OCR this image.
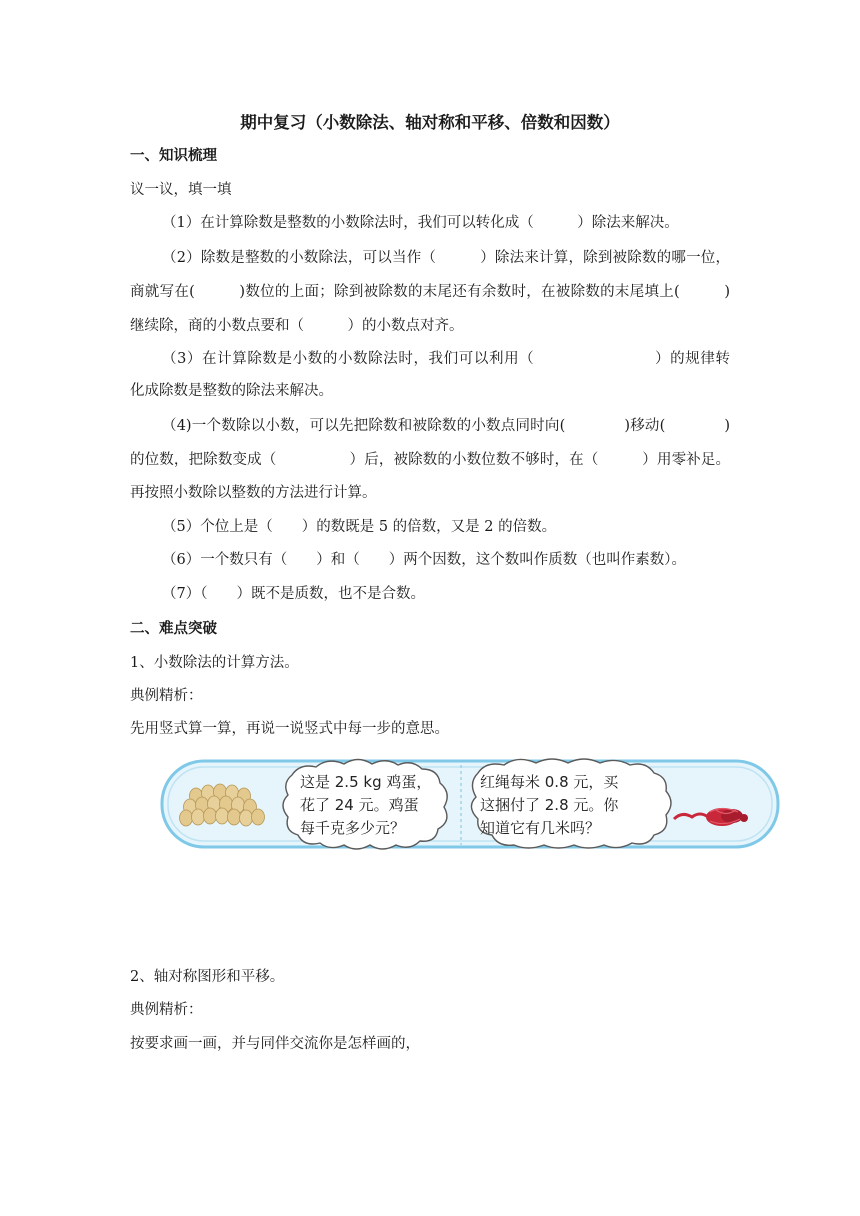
期中复习（小数除法、轴对称和平移、倍数和因数）
一、知识梳理
议一议，填一填
（1）在计算除数是整数的小数除法时，我们可以转化成（　　　）除法来解决。
（2）除数是整数的小数除法，可以当作（　　　）除法来计算，除到被除数的哪一位，
商就写在(　　　)数位的上面；除到被除数的末尾还有余数时，在被除数的末尾填上(　　　)
继续除，商的小数点要和（　　　）的小数点对齐。
（3）在计算除数是小数的小数除法时，我们可以利用（　　　　　　　　）的规律转
化成除数是整数的除法来解决。
（4)一个数除以小数，可以先把除数和被除数的小数点同时向(　　　　)移动(　　　　)
的位数，把除数变成（　　　　　）后，被除数的小数位数不够时，在（　　　）用零补足。
再按照小数除以整数的方法进行计算。
（5）个位上是（　　）的数既是 5 的倍数，又是 2 的倍数。
（6）一个数只有（　　）和（　　）两个因数，这个数叫作质数（也叫作素数）。
（7）（　　）既不是质数，也不是合数。
二、难点突破
1、小数除法的计算方法。
典例精析：
先用竖式算一算，再说一说竖式中每一步的意思。
这是 2.5 kg 鸡蛋，
花了 24 元。鸡蛋
每千克多少元？
红绳每米 0.8 元，买
这捆付了 2.8 元。你
知道它有几米吗？
2、轴对称图形和平移。
典例精析：
按要求画一画，并与同伴交流你是怎样画的，
